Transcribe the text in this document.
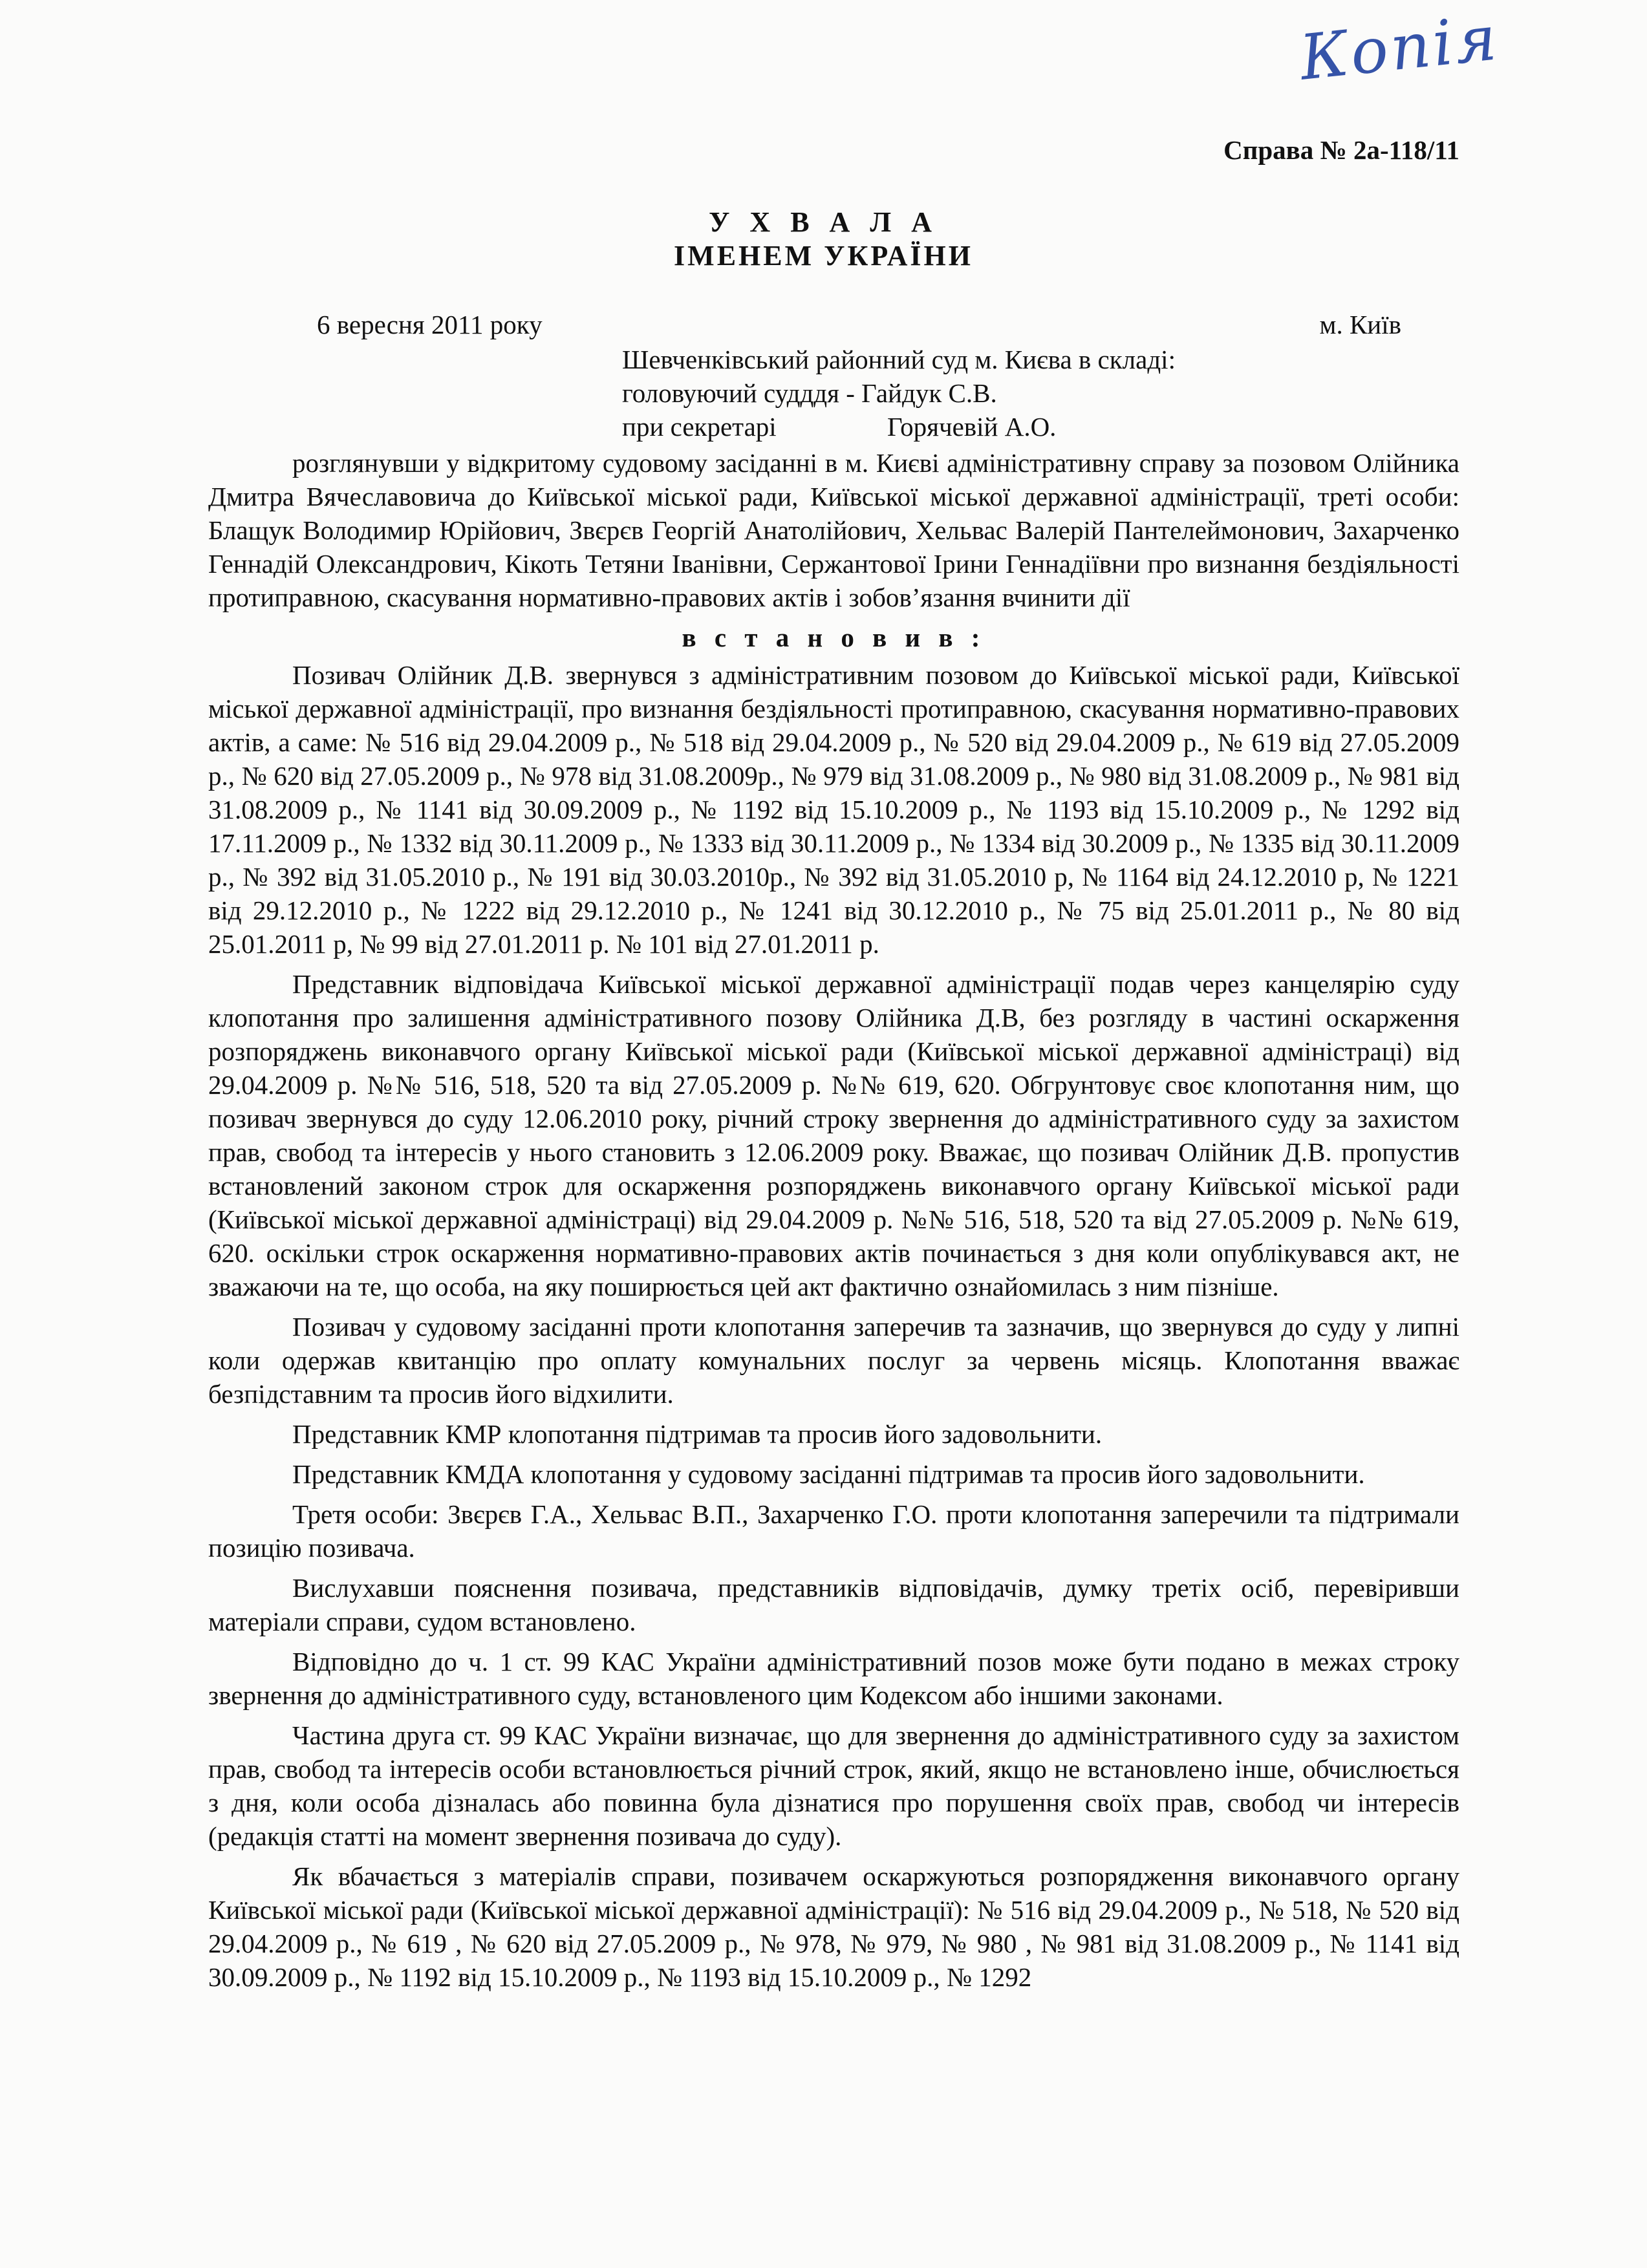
Копія
Справа № 2а-118/11
У Х В А Л А
ІМЕНЕМ УКРАЇНИ
6 вересня 2011 року	м. Київ
Шевченківський районний суд м. Києва в складі:
головуючий судддя - Гайдук С.В.
при секретарі	Горячевій А.О.

розглянувши у відкритому судовому засіданні в м. Києві адміністративну справу за позовом Олійника Дмитра Вячеславовича до Київської міської ради, Київської міської державної адміністрації, треті особи: Блащук Володимир Юрійович, Звєрєв Георгій Анатолійович, Хельвас Валерій Пантелеймонович, Захарченко Геннадій Олександрович, Кікоть Тетяни Іванівни, Сержантової Ірини Геннадіївни про визнання бездіяльності протиправною, скасування нормативно-правових актів і зобов’язання вчинити дії

в с т а н о в и в :

Позивач Олійник Д.В. звернувся з адміністративним позовом до Київської міської ради, Київської міської державної адміністрації, про визнання бездіяльності протиправною, скасування нормативно-правових актів, а саме: № 516 від 29.04.2009 р., № 518 від 29.04.2009 р., № 520 від 29.04.2009 р., № 619 від 27.05.2009 р., № 620 від 27.05.2009 р., № 978 від 31.08.2009р., № 979 від 31.08.2009 р., № 980 від 31.08.2009 р., № 981 від 31.08.2009 р., № 1141 від 30.09.2009 р., № 1192 від 15.10.2009 р., № 1193 від 15.10.2009 р., № 1292 від 17.11.2009 р., № 1332 від 30.11.2009 р., № 1333 від 30.11.2009 р., № 1334 від 30.2009 р., № 1335 від 30.11.2009 р., № 392 від 31.05.2010 р., № 191 від 30.03.2010р., № 392 від 31.05.2010 р, № 1164 від 24.12.2010 р, № 1221 від 29.12.2010 р., № 1222 від 29.12.2010 р., № 1241 від 30.12.2010 р., № 75 від 25.01.2011 р., № 80 від 25.01.2011 р, № 99 від 27.01.2011 р. № 101 від 27.01.2011 р.

Представник відповідача Київської міської державної адміністрації подав через канцелярію суду клопотання про залишення адміністративного позову Олійника Д.В, без розгляду в частині оскарження розпоряджень виконавчого органу Київської міської ради (Київської міської державної адміністраці) від 29.04.2009 р. №№ 516, 518, 520 та від 27.05.2009 р. №№ 619, 620. Обгрунтовує своє клопотання ним, що позивач звернувся до суду 12.06.2010 року, річний строку звернення до адміністративного суду за захистом прав, свобод та інтересів у нього становить з 12.06.2009 року. Вважає, що позивач Олійник Д.В. пропустив встановлений законом строк для оскарження розпоряджень виконавчого органу Київської міської ради (Київської міської державної адміністраці) від 29.04.2009 р. №№ 516, 518, 520 та від 27.05.2009 р. №№ 619, 620. оскільки строк оскарження нормативно-правових актів починається з дня коли опублікувався акт, не зважаючи на те, що особа, на яку поширюється цей акт фактично ознайомилась з ним пізніше.

Позивач у судовому засіданні проти клопотання заперечив та зазначив, що звернувся до суду у липні коли одержав квитанцію про оплату комунальних послуг за червень місяць. Клопотання вважає безпідставним та просив його відхилити.

Представник КМР клопотання підтримав та просив його задовольнити.

Представник КМДА клопотання у судовому засіданні підтримав та просив його задовольнити.

Третя особи: Звєрєв Г.А., Хельвас В.П., Захарченко Г.О. проти клопотання заперечили та підтримали позицію позивача.

Вислухавши пояснення позивача, представників відповідачів, думку третіх осіб, перевіривши матеріали справи, судом встановлено.

Відповідно до ч. 1 ст. 99 КАС України адміністративний позов може бути подано в межах строку звернення до адміністративного суду, встановленого цим Кодексом або іншими законами.

Частина друга ст. 99 КАС України визначає, що для звернення до адміністративного суду за захистом прав, свобод та інтересів особи встановлюється річний строк, який, якщо не встановлено інше, обчислюється з дня, коли особа дізналась або повинна була дізнатися про порушення своїх прав, свобод чи інтересів (редакція статті на момент звернення позивача до суду).

Як вбачається з матеріалів справи, позивачем оскаржуються розпорядження виконавчого органу Київської міської ради (Київської міської державної адміністрації): № 516 від 29.04.2009 р., № 518, № 520 від 29.04.2009 р., № 619 , № 620 від 27.05.2009 р., № 978, № 979, № 980 , № 981 від 31.08.2009 р., № 1141 від 30.09.2009 р., № 1192 від 15.10.2009 р., № 1193 від 15.10.2009 р., № 1292
